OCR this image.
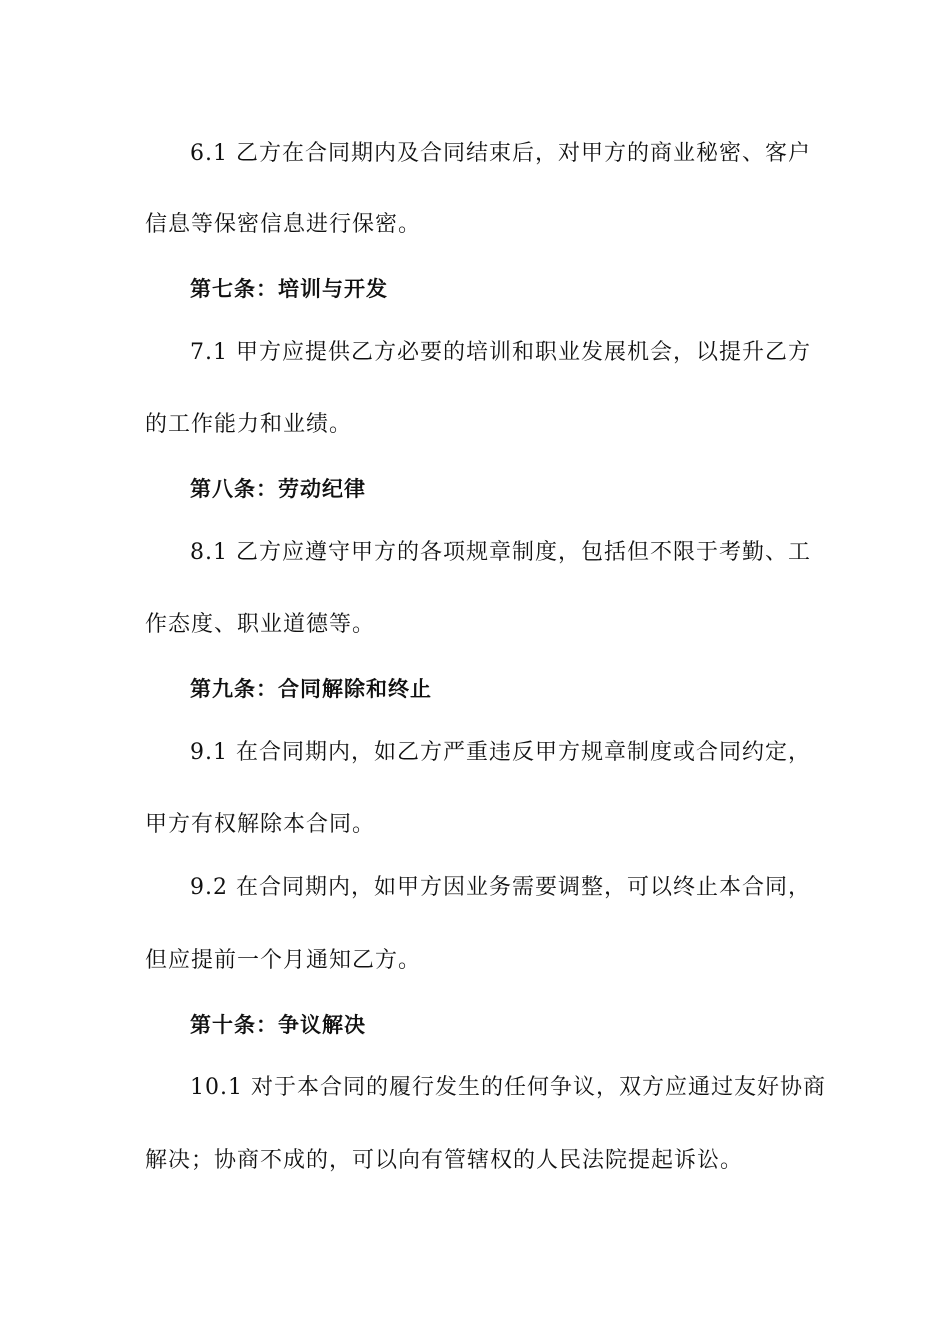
6.1 乙方在合同期内及合同结束后，对甲方的商业秘密、客户
信息等保密信息进行保密。
第七条：培训与开发
7.1 甲方应提供乙方必要的培训和职业发展机会，以提升乙方
的工作能力和业绩。
第八条：劳动纪律
8.1 乙方应遵守甲方的各项规章制度，包括但不限于考勤、工
作态度、职业道德等。
第九条：合同解除和终止
9.1 在合同期内，如乙方严重违反甲方规章制度或合同约定，
甲方有权解除本合同。
9.2 在合同期内，如甲方因业务需要调整，可以终止本合同，
但应提前一个月通知乙方。
第十条：争议解决
10.1 对于本合同的履行发生的任何争议，双方应通过友好协商
解决；协商不成的，可以向有管辖权的人民法院提起诉讼。
